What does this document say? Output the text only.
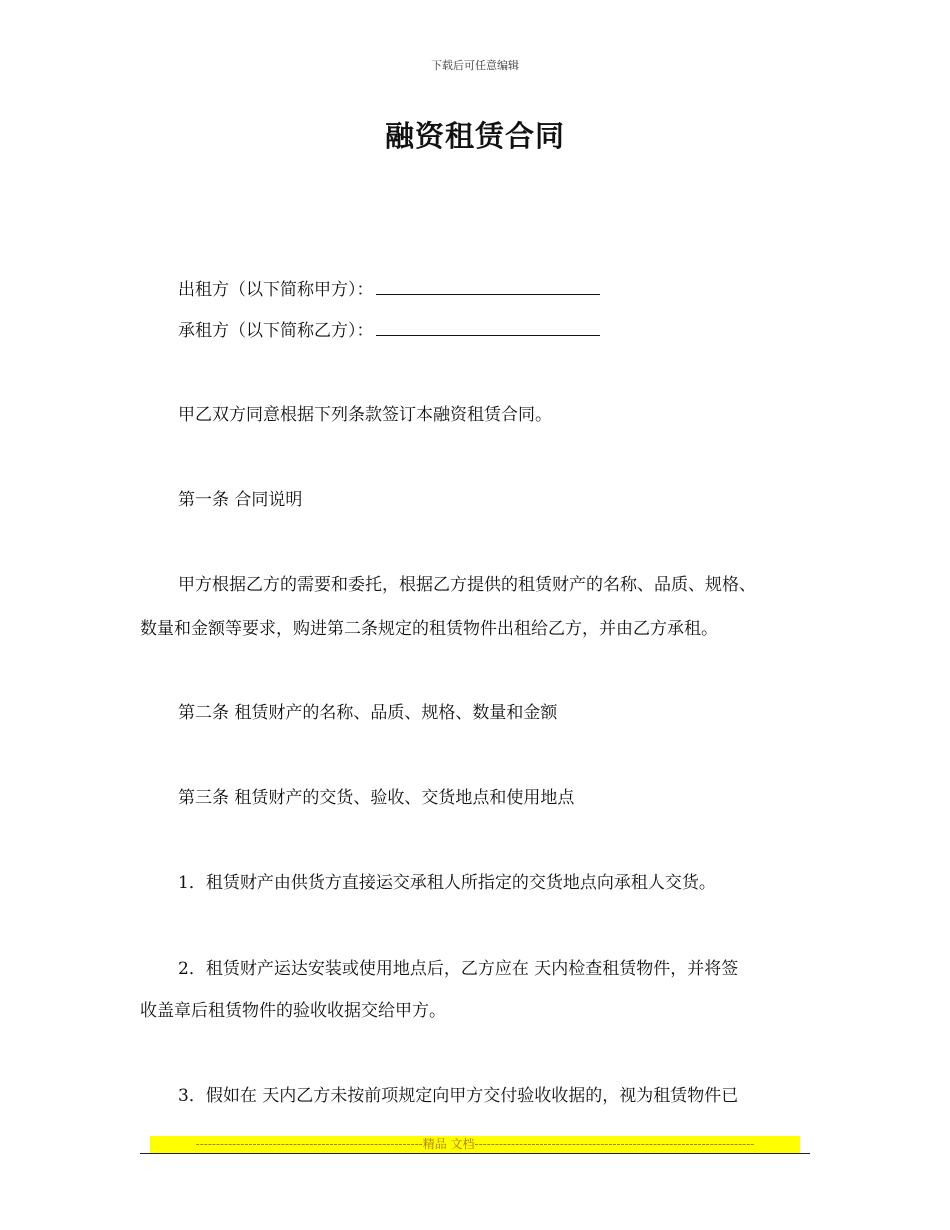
下载后可任意编辑
融资租赁合同
出租方（以下简称甲方）：
承租方（以下简称乙方）：
甲乙双方同意根据下列条款签订本融资租赁合同。
第一条 合同说明
甲方根据乙方的需要和委托，根据乙方提供的租赁财产的名称、品质、规格、
数量和金额等要求，购进第二条规定的租赁物件出租给乙方，并由乙方承租。
第二条 租赁财产的名称、品质、规格、数量和金额
第三条 租赁财产的交货、验收、交货地点和使用地点
1．租赁财产由供货方直接运交承租人所指定的交货地点向承租人交货。
2．租赁财产运达安装或使用地点后，乙方应在 天内检查租赁物件，并将签
收盖章后租赁物件的验收收据交给甲方。
3．假如在 天内乙方未按前项规定向甲方交付验收收据的，视为租赁物件已
--------------------------------------------------------精品 文档---------------------------------------------------------------------
